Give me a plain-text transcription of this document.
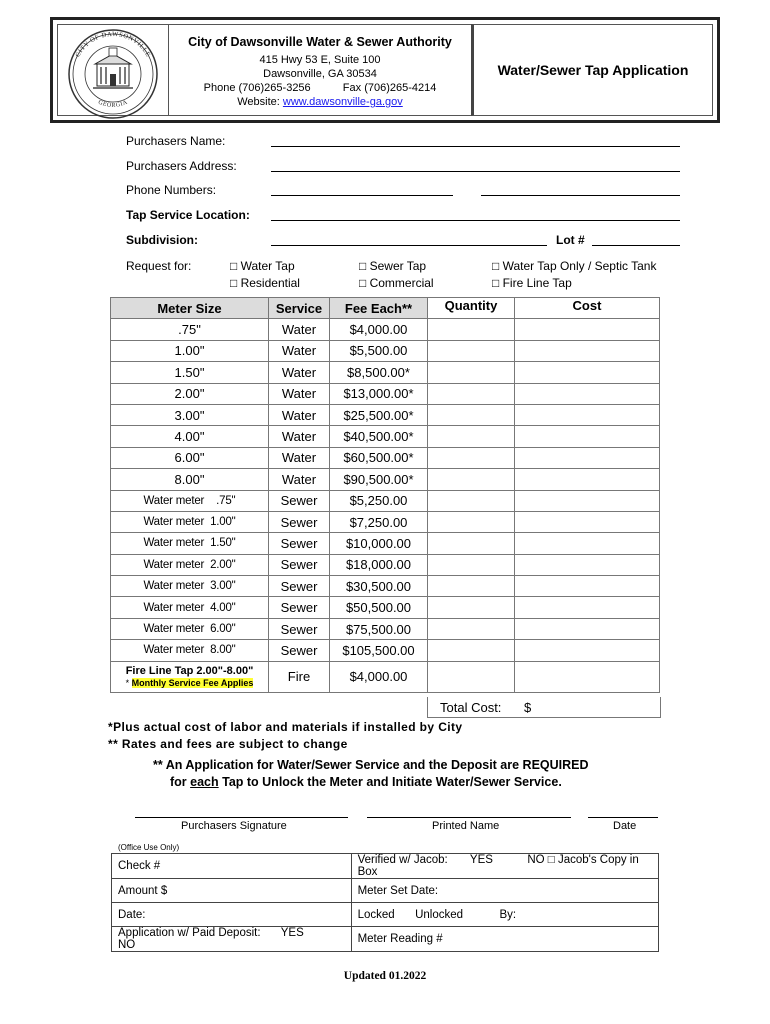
CITY OF DAWSONVILLE
GEORGIA
City of Dawsonville Water & Sewer Authority
415 Hwy 53 E, Suite 100
Dawsonville, GA 30534
Phone (706)265-3256	Fax (706)265-4214
Website: www.dawsonville-ga.gov
Water/Sewer Tap Application
Purchasers Name:
Purchasers Address:
Phone Numbers:
Tap Service Location:
Subdivision:	Lot #
Request for:	□ Water Tap	□ Sewer Tap	□ Water Tap Only / Septic Tank
□ Residential	□ Commercial	□ Fire Line Tap
Meter Size	Service	Fee Each**	Quantity	Cost
.75"	Water	$4,000.00		
1.00"	Water	$5,500.00		
1.50"	Water	$8,500.00*		
2.00"	Water	$13,000.00*		
3.00"	Water	$25,500.00*		
4.00"	Water	$40,500.00*		
6.00"	Water	$60,500.00*		
8.00"	Water	$90,500.00*		
Water meter    .75"	Sewer	$5,250.00		
Water meter  1.00"	Sewer	$7,250.00		
Water meter  1.50"	Sewer	$10,000.00		
Water meter  2.00"	Sewer	$18,000.00		
Water meter  3.00"	Sewer	$30,500.00		
Water meter  4.00"	Sewer	$50,500.00		
Water meter  6.00"	Sewer	$75,500.00		
Water meter  8.00"	Sewer	$105,500.00		

Fire Line Tap 2.00"-8.00"
* Monthly Service Fee Applies	Fire	$4,000.00		
Total Cost: $
*Plus actual cost of labor and materials if installed by City
** Rates and fees are subject to change
** An Application for Water/Sewer Service and the Deposit are REQUIRED
for each Tap to Unlock the Meter and Initiate Water/Sewer Service.
Purchasers Signature	Printed Name	Date
(Office Use Only)
Check #	Verified w/ Jacob: YES NO □ Jacob's Copy in Box
Amount $	Meter Set Date:
Date:	Locked Unlocked By:
Application w/ Paid Deposit: YES  NO	Meter Reading #
Updated 01.2022
